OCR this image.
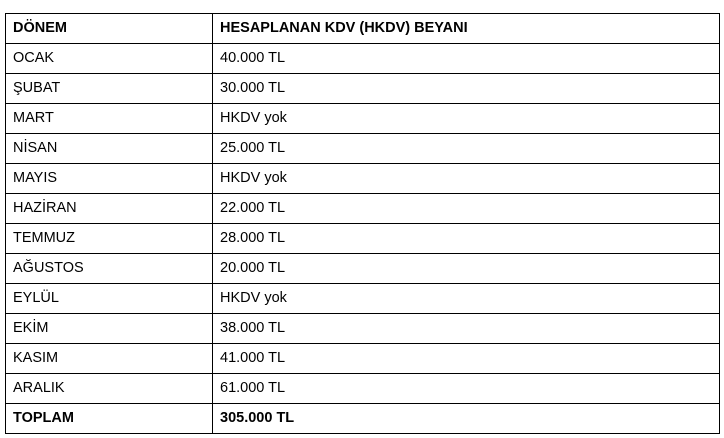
DÖNEM	HESAPLANAN KDV (HKDV) BEYANI
OCAK	40.000 TL
ŞUBAT	30.000 TL
MART	HKDV yok
NİSAN	25.000 TL
MAYIS	HKDV yok
HAZİRAN	22.000 TL
TEMMUZ	28.000 TL
AĞUSTOS	20.000 TL
EYLÜL	HKDV yok
EKİM	38.000 TL
KASIM	41.000 TL
ARALIK	61.000 TL
TOPLAM	305.000 TL
